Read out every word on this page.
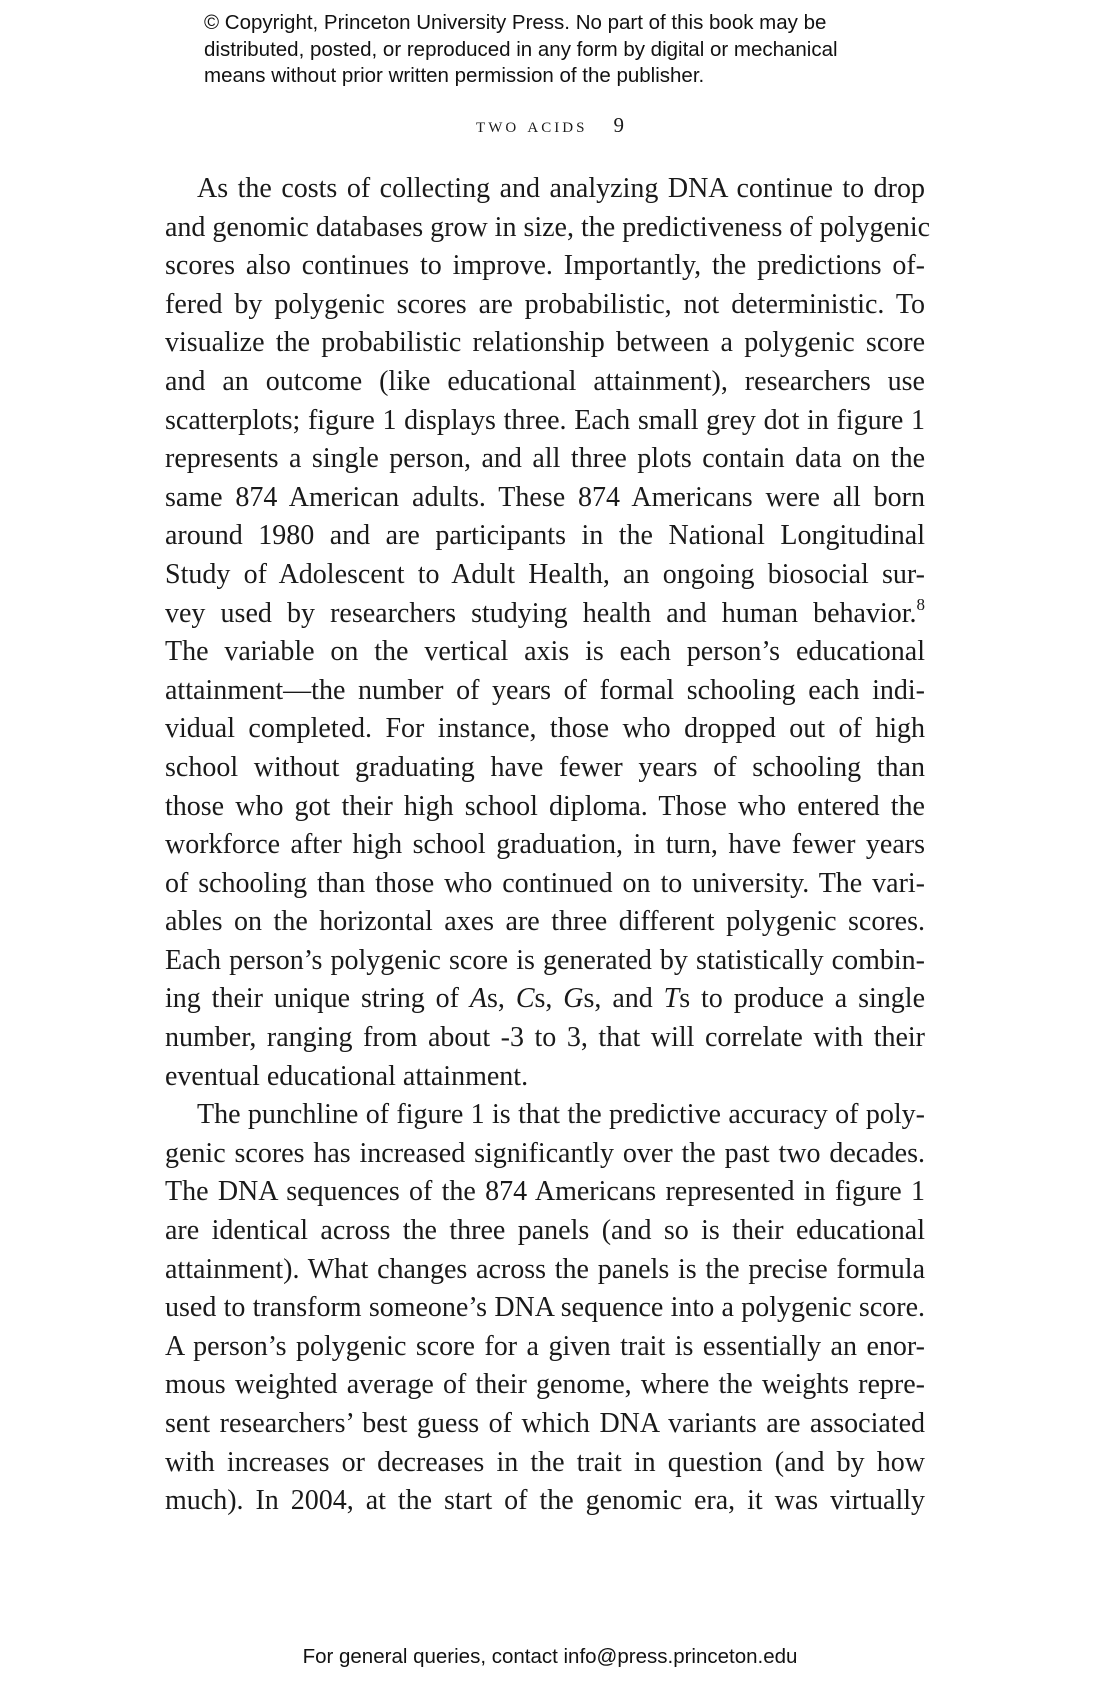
© Copyright, Princeton University Press. No part of this book may be
distributed, posted, or reproduced in any form by digital or mechanical
means without prior written permission of the publisher.
two acids 9
As the costs of collecting and analyzing DNA continue to drop
and genomic databases grow in size, the predictiveness of polygenic
scores also continues to improve. Importantly, the predictions of-
fered by polygenic scores are probabilistic, not deterministic. To
visualize the probabilistic relationship between a polygenic score
and an outcome (like educational attainment), researchers use
scatterplots; figure 1 displays three. Each small grey dot in figure 1
represents a single person, and all three plots contain data on the
same 874 American adults. These 874 Americans were all born
around 1980 and are participants in the National Longitudinal
Study of Adolescent to Adult Health, an ongoing biosocial sur-
vey used by researchers studying health and human behavior.$^8$
The variable on the vertical axis is each person’s educational
attainment—the number of years of formal schooling each indi-
vidual completed. For instance, those who dropped out of high
school without graduating have fewer years of schooling than
those who got their high school diploma. Those who entered the
workforce after high school graduation, in turn, have fewer years
of schooling than those who continued on to university. The vari-
ables on the horizontal axes are three different polygenic scores.
Each person’s polygenic score is generated by statistically combin-
ing their unique string of As, Cs, Gs, and Ts to produce a single
number, ranging from about -3 to 3, that will correlate with their
eventual educational attainment.
The punchline of figure 1 is that the predictive accuracy of poly-
genic scores has increased significantly over the past two decades.
The DNA sequences of the 874 Americans represented in figure 1
are identical across the three panels (and so is their educational
attainment). What changes across the panels is the precise formula
used to transform someone’s DNA sequence into a polygenic score.
A person’s polygenic score for a given trait is essentially an enor-
mous weighted average of their genome, where the weights repre-
sent researchers’ best guess of which DNA variants are associated
with increases or decreases in the trait in question (and by how
much). In 2004, at the start of the genomic era, it was virtually
For general queries, contact info@press.princeton.edu
